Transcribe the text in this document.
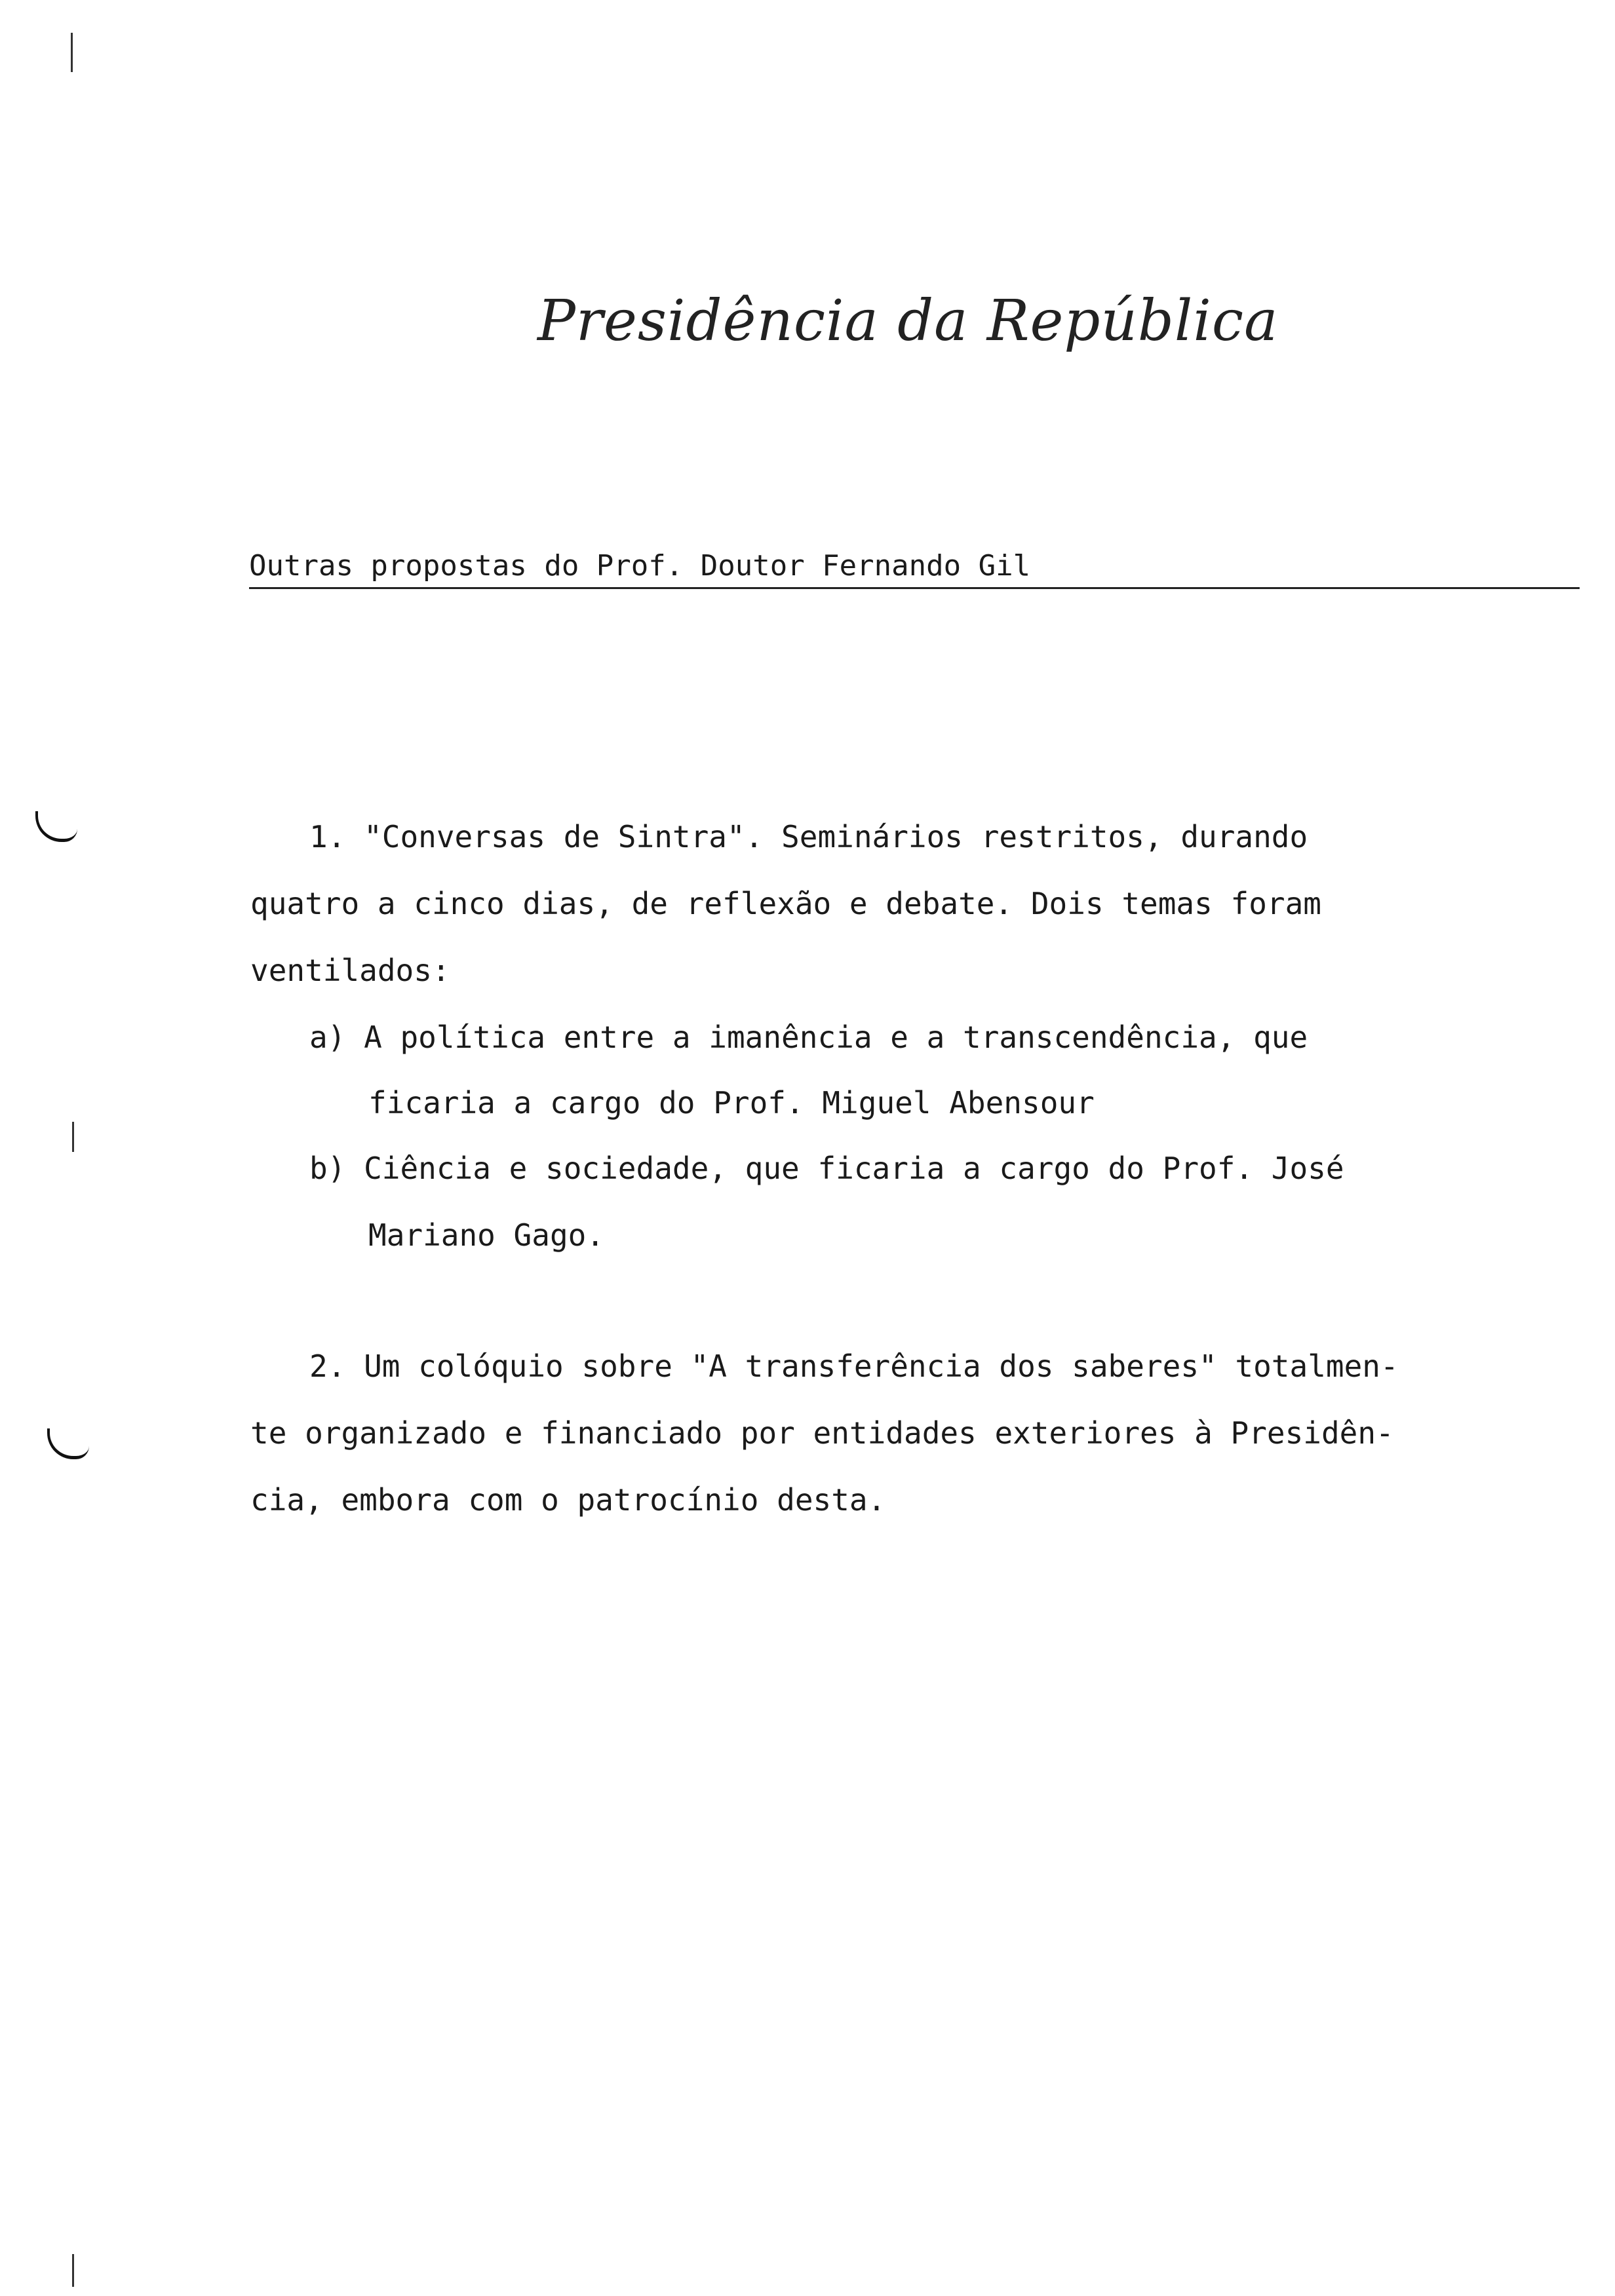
Presidência da República
Outras propostas do Prof. Doutor Fernando Gil
1. "Conversas de Sintra". Seminários restritos, durando
quatro a cinco dias, de reflexão e debate. Dois temas foram
ventilados:
a) A política entre a imanência e a transcendência, que
ficaria a cargo do Prof. Miguel Abensour
b) Ciência e sociedade, que ficaria a cargo do Prof. José
Mariano Gago.
2. Um colóquio sobre "A transferência dos saberes" totalmen-
te organizado e financiado por entidades exteriores à Presidên-
cia, embora com o patrocínio desta.
